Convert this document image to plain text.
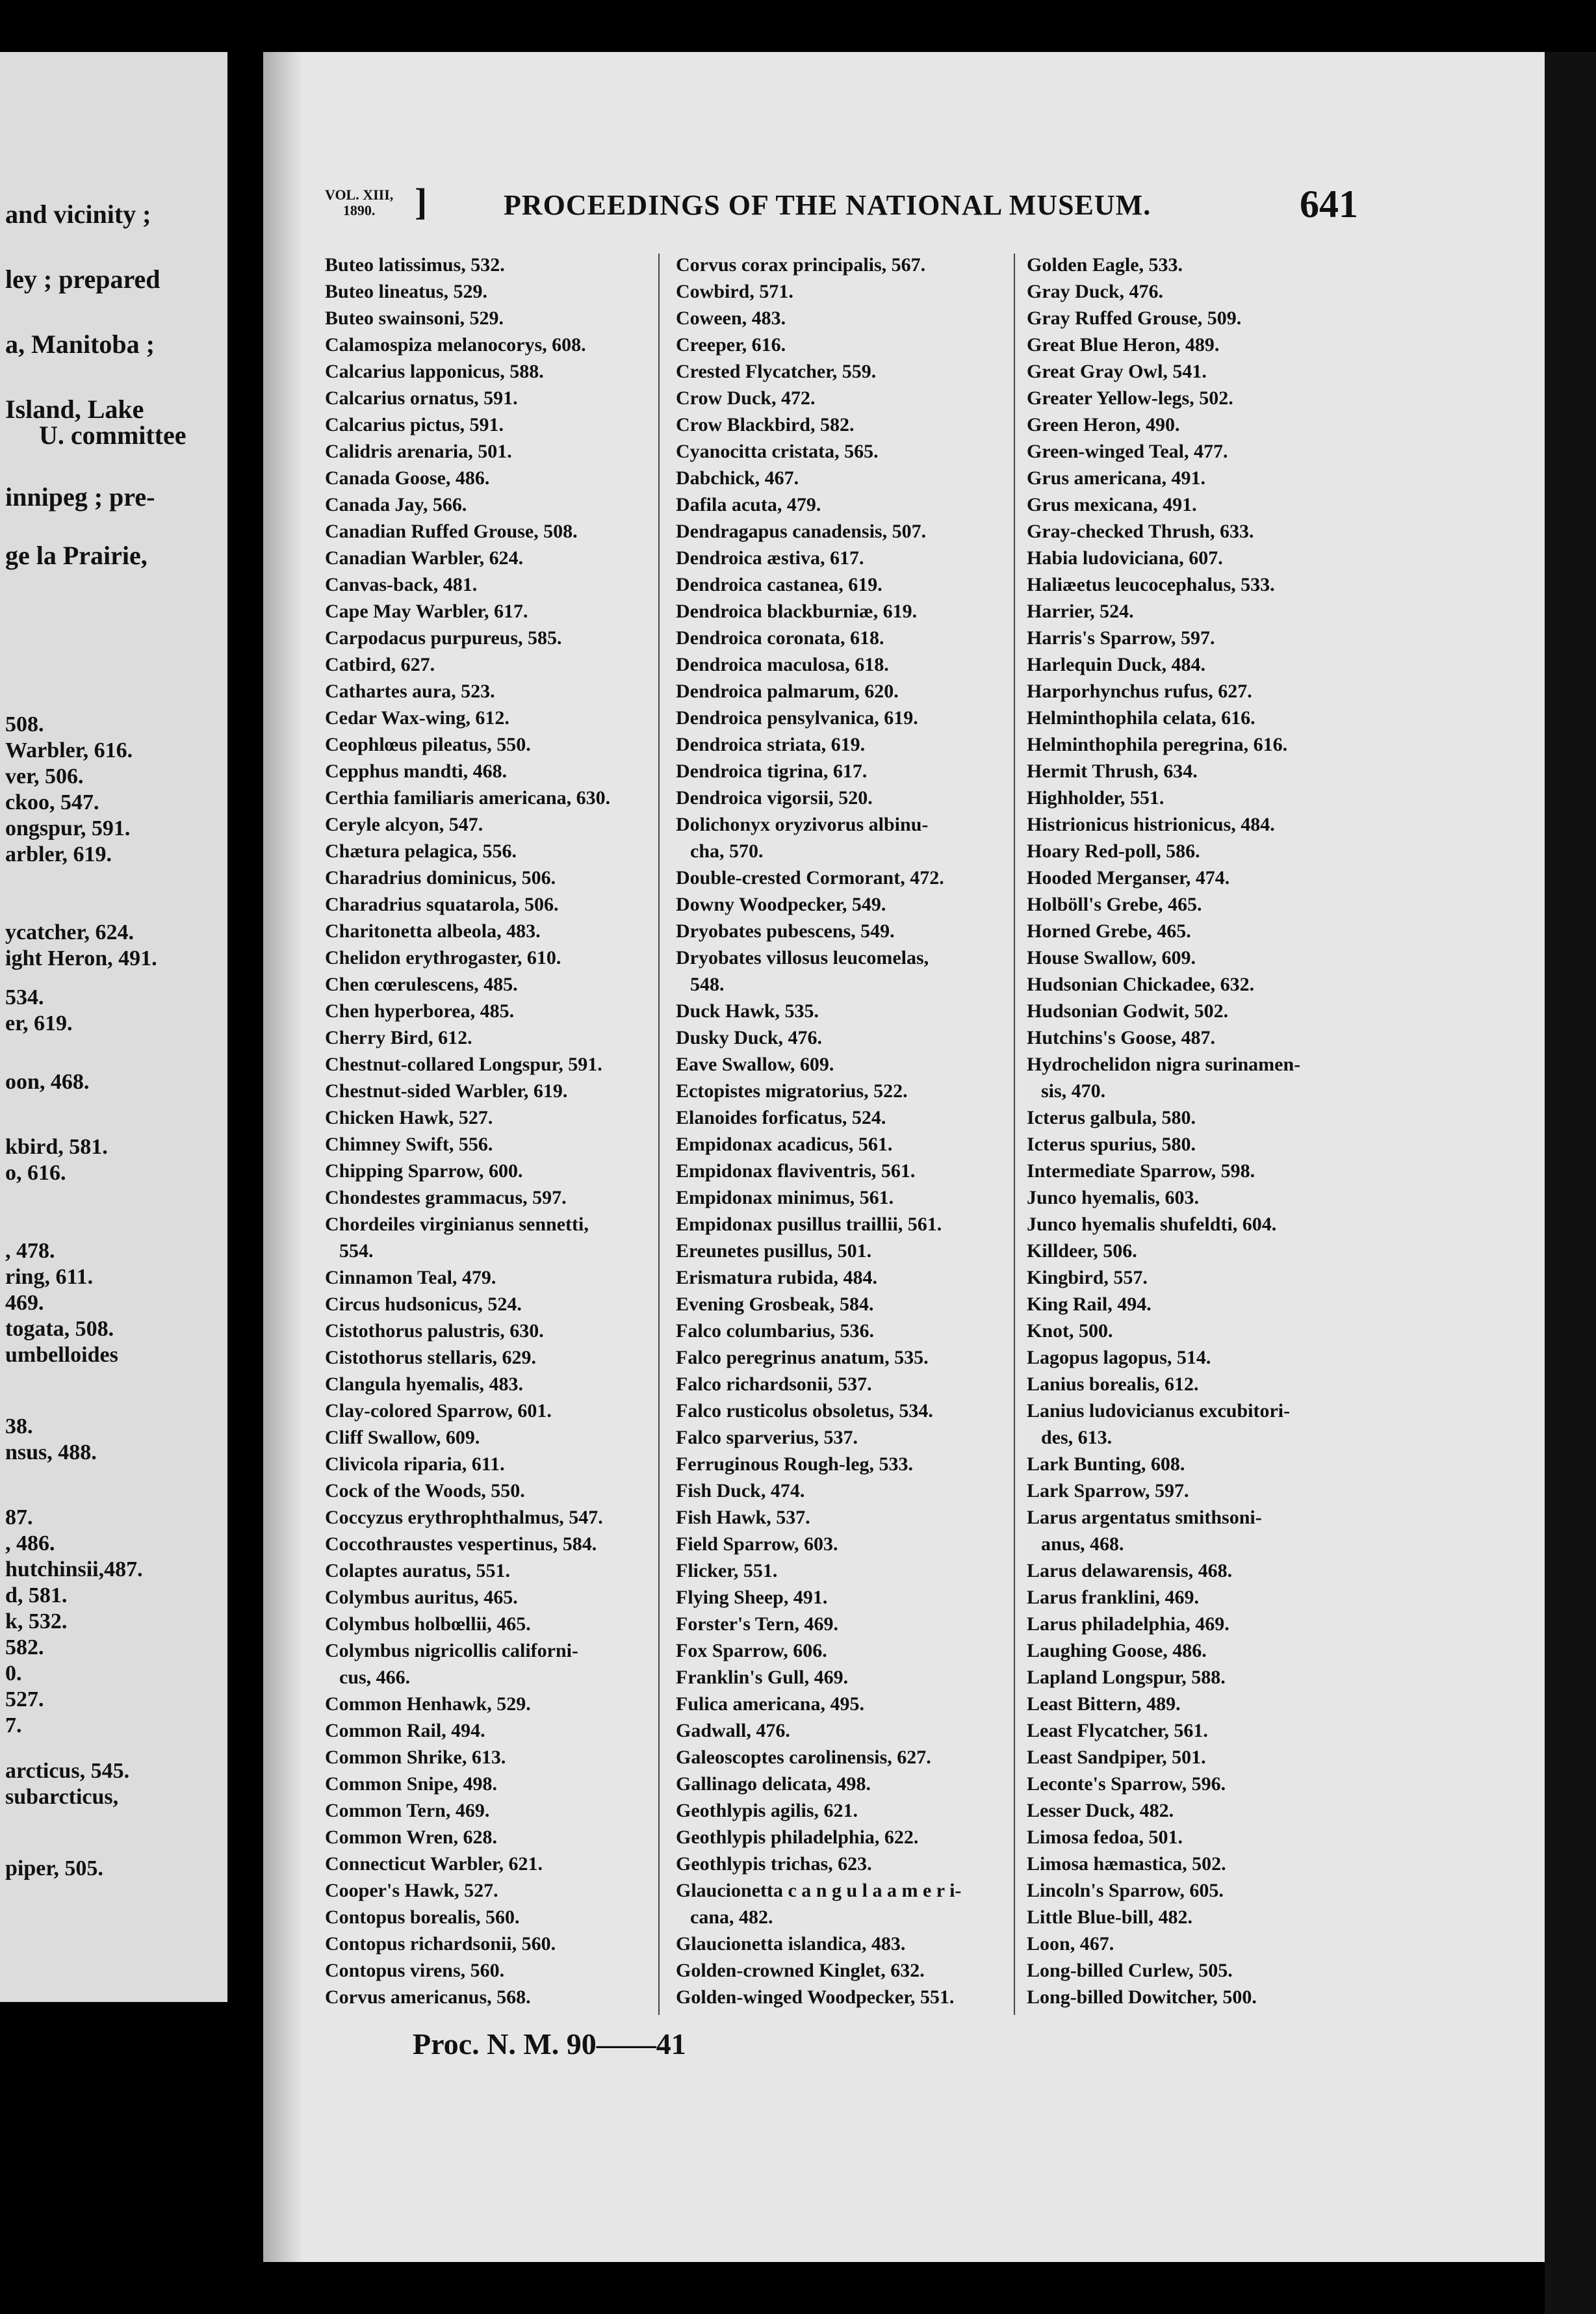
and vicinity ;
ley ; prepared
a, Manitoba ;
Island, Lake
U. committee
innipeg ; pre-
ge la Prairie,
508.
Warbler, 616.
ver, 506.
ckoo, 547.
ongspur, 591.
arbler, 619.
ycatcher, 624.
ight Heron, 491.
534.
er, 619.
oon, 468.
kbird, 581.
o, 616.
, 478.
ring, 611.
469.
togata, 508.
umbelloides
38.
nsus, 488.
87.
, 486.
hutchinsii,487.
d, 581.
k, 532.
582.
0.
527.
7.
arcticus, 545.
subarcticus,
piper, 505.
VOL. XIII,
1890.	]	PROCEEDINGS OF THE NATIONAL MUSEUM.	641
Buteo latissimus, 532.
Buteo lineatus, 529.
Buteo swainsoni, 529.
Calamospiza melanocorys, 608.
Calcarius lapponicus, 588.
Calcarius ornatus, 591.
Calcarius pictus, 591.
Calidris arenaria, 501.
Canada Goose, 486.
Canada Jay, 566.
Canadian Ruffed Grouse, 508.
Canadian Warbler, 624.
Canvas-back, 481.
Cape May Warbler, 617.
Carpodacus purpureus, 585.
Catbird, 627.
Cathartes aura, 523.
Cedar Wax-wing, 612.
Ceophlœus pileatus, 550.
Cepphus mandti, 468.
Certhia familiaris americana, 630.
Ceryle alcyon, 547.
Chætura pelagica, 556.
Charadrius dominicus, 506.
Charadrius squatarola, 506.
Charitonetta albeola, 483.
Chelidon erythrogaster, 610.
Chen cœrulescens, 485.
Chen hyperborea, 485.
Cherry Bird, 612.
Chestnut-collared Longspur, 591.
Chestnut-sided Warbler, 619.
Chicken Hawk, 527.
Chimney Swift, 556.
Chipping Sparrow, 600.
Chondestes grammacus, 597.
Chordeiles virginianus sennetti,
554.
Cinnamon Teal, 479.
Circus hudsonicus, 524.
Cistothorus palustris, 630.
Cistothorus stellaris, 629.
Clangula hyemalis, 483.
Clay-colored Sparrow, 601.
Cliff Swallow, 609.
Clivicola riparia, 611.
Cock of the Woods, 550.
Coccyzus erythrophthalmus, 547.
Coccothraustes vespertinus, 584.
Colaptes auratus, 551.
Colymbus auritus, 465.
Colymbus holbœllii, 465.
Colymbus nigricollis californi-
cus, 466.
Common Henhawk, 529.
Common Rail, 494.
Common Shrike, 613.
Common Snipe, 498.
Common Tern, 469.
Common Wren, 628.
Connecticut Warbler, 621.
Cooper's Hawk, 527.
Contopus borealis, 560.
Contopus richardsonii, 560.
Contopus virens, 560.
Corvus americanus, 568.
Corvus corax principalis, 567.
Cowbird, 571.
Coween, 483.
Creeper, 616.
Crested Flycatcher, 559.
Crow Duck, 472.
Crow Blackbird, 582.
Cyanocitta cristata, 565.
Dabchick, 467.
Dafila acuta, 479.
Dendragapus canadensis, 507.
Dendroica æstiva, 617.
Dendroica castanea, 619.
Dendroica blackburniæ, 619.
Dendroica coronata, 618.
Dendroica maculosa, 618.
Dendroica palmarum, 620.
Dendroica pensylvanica, 619.
Dendroica striata, 619.
Dendroica tigrina, 617.
Dendroica vigorsii, 520.
Dolichonyx oryzivorus albinu-
cha, 570.
Double-crested Cormorant, 472.
Downy Woodpecker, 549.
Dryobates pubescens, 549.
Dryobates villosus leucomelas,
548.
Duck Hawk, 535.
Dusky Duck, 476.
Eave Swallow, 609.
Ectopistes migratorius, 522.
Elanoides forficatus, 524.
Empidonax acadicus, 561.
Empidonax flaviventris, 561.
Empidonax minimus, 561.
Empidonax pusillus traillii, 561.
Ereunetes pusillus, 501.
Erismatura rubida, 484.
Evening Grosbeak, 584.
Falco columbarius, 536.
Falco peregrinus anatum, 535.
Falco richardsonii, 537.
Falco rusticolus obsoletus, 534.
Falco sparverius, 537.
Ferruginous Rough-leg, 533.
Fish Duck, 474.
Fish Hawk, 537.
Field Sparrow, 603.
Flicker, 551.
Flying Sheep, 491.
Forster's Tern, 469.
Fox Sparrow, 606.
Franklin's Gull, 469.
Fulica americana, 495.
Gadwall, 476.
Galeoscoptes carolinensis, 627.
Gallinago delicata, 498.
Geothlypis agilis, 621.
Geothlypis philadelphia, 622.
Geothlypis trichas, 623.
Glaucionetta c a n g u l a a m e r i-
cana, 482.
Glaucionetta islandica, 483.
Golden-crowned Kinglet, 632.
Golden-winged Woodpecker, 551.
Golden Eagle, 533.
Gray Duck, 476.
Gray Ruffed Grouse, 509.
Great Blue Heron, 489.
Great Gray Owl, 541.
Greater Yellow-legs, 502.
Green Heron, 490.
Green-winged Teal, 477.
Grus americana, 491.
Grus mexicana, 491.
Gray-checked Thrush, 633.
Habia ludoviciana, 607.
Haliæetus leucocephalus, 533.
Harrier, 524.
Harris's Sparrow, 597.
Harlequin Duck, 484.
Harporhynchus rufus, 627.
Helminthophila celata, 616.
Helminthophila peregrina, 616.
Hermit Thrush, 634.
Highholder, 551.
Histrionicus histrionicus, 484.
Hoary Red-poll, 586.
Hooded Merganser, 474.
Holböll's Grebe, 465.
Horned Grebe, 465.
House Swallow, 609.
Hudsonian Chickadee, 632.
Hudsonian Godwit, 502.
Hutchins's Goose, 487.
Hydrochelidon nigra surinamen-
sis, 470.
Icterus galbula, 580.
Icterus spurius, 580.
Intermediate Sparrow, 598.
Junco hyemalis, 603.
Junco hyemalis shufeldti, 604.
Killdeer, 506.
Kingbird, 557.
King Rail, 494.
Knot, 500.
Lagopus lagopus, 514.
Lanius borealis, 612.
Lanius ludovicianus excubitori-
des, 613.
Lark Bunting, 608.
Lark Sparrow, 597.
Larus argentatus smithsoni-
anus, 468.
Larus delawarensis, 468.
Larus franklini, 469.
Larus philadelphia, 469.
Laughing Goose, 486.
Lapland Longspur, 588.
Least Bittern, 489.
Least Flycatcher, 561.
Least Sandpiper, 501.
Leconte's Sparrow, 596.
Lesser Duck, 482.
Limosa fedoa, 501.
Limosa hæmastica, 502.
Lincoln's Sparrow, 605.
Little Blue-bill, 482.
Loon, 467.
Long-billed Curlew, 505.
Long-billed Dowitcher, 500.
Proc. N. M. 90——41
